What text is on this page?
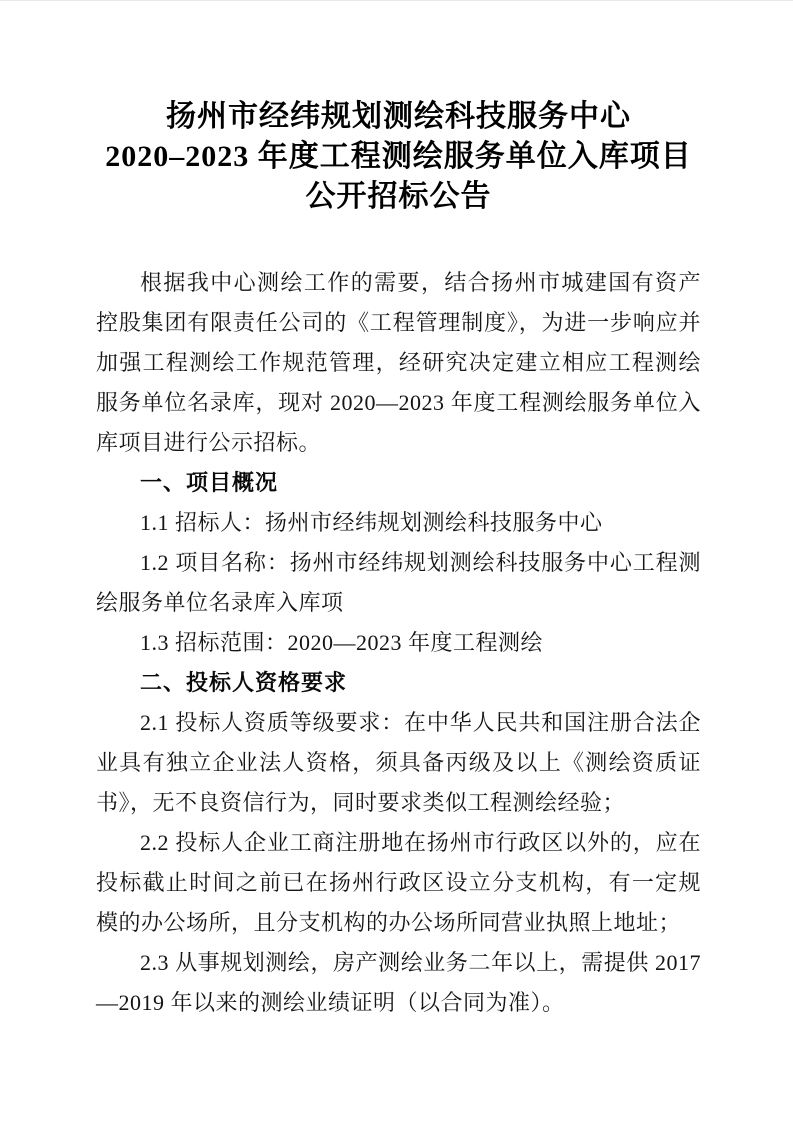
扬州市经纬规划测绘科技服务中心
2020–2023 年度工程测绘服务单位入库项目
公开招标公告

根据我中心测绘工作的需要，结合扬州市城建国有资产控股集团有限责任公司的《工程管理制度》，为进一步响应并加强工程测绘工作规范管理，经研究决定建立相应工程测绘服务单位名录库，现对 2020—2023 年度工程测绘服务单位入库项目进行公示招标。

一、项目概况

1.1 招标人：扬州市经纬规划测绘科技服务中心

1.2 项目名称：扬州市经纬规划测绘科技服务中心工程测绘服务单位名录库入库项

1.3 招标范围：2020—2023 年度工程测绘

二、投标人资格要求

2.1 投标人资质等级要求：在中华人民共和国注册合法企业具有独立企业法人资格，须具备丙级及以上《测绘资质证书》，无不良资信行为，同时要求类似工程测绘经验；

2.2 投标人企业工商注册地在扬州市行政区以外的，应在投标截止时间之前已在扬州行政区设立分支机构，有一定规模的办公场所，且分支机构的办公场所同营业执照上地址；

2.3 从事规划测绘，房产测绘业务二年以上，需提供 2017—2019 年以来的测绘业绩证明（以合同为准）。
